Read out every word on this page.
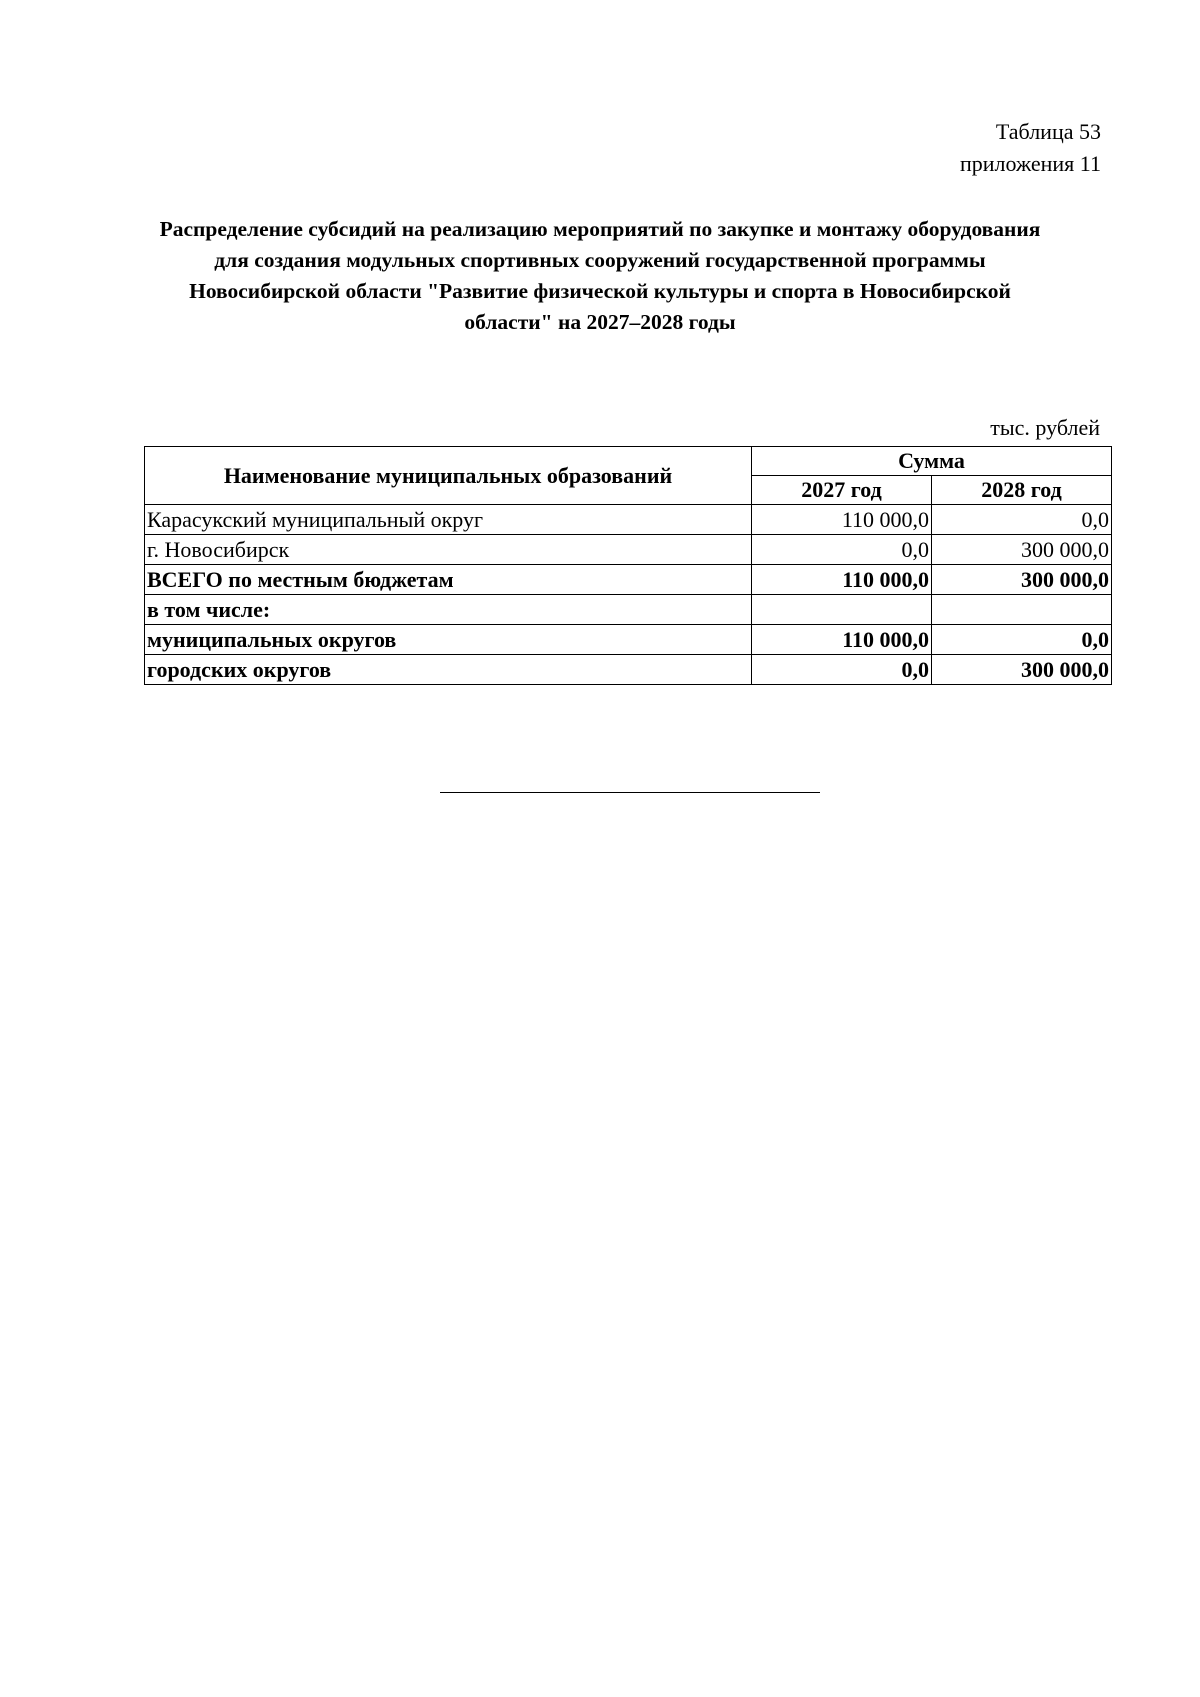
Таблица 53
приложения 11
Распределение субсидий на реализацию мероприятий по закупке и монтажу оборудования для создания модульных спортивных сооружений государственной программы Новосибирской области "Развитие физической культуры и спорта в Новосибирской области" на 2027–2028 годы
тыс. рублей
Наименование муниципальных образований	Сумма	
	2027 год	2028 год
Карасукский муниципальный округ	110 000,0	0,0
г. Новосибирск	0,0	300 000,0
ВСЕГО по местным бюджетам	110 000,0	300 000,0
в том числе:		
муниципальных округов	110 000,0	0,0
городских округов	0,0	300 000,0
